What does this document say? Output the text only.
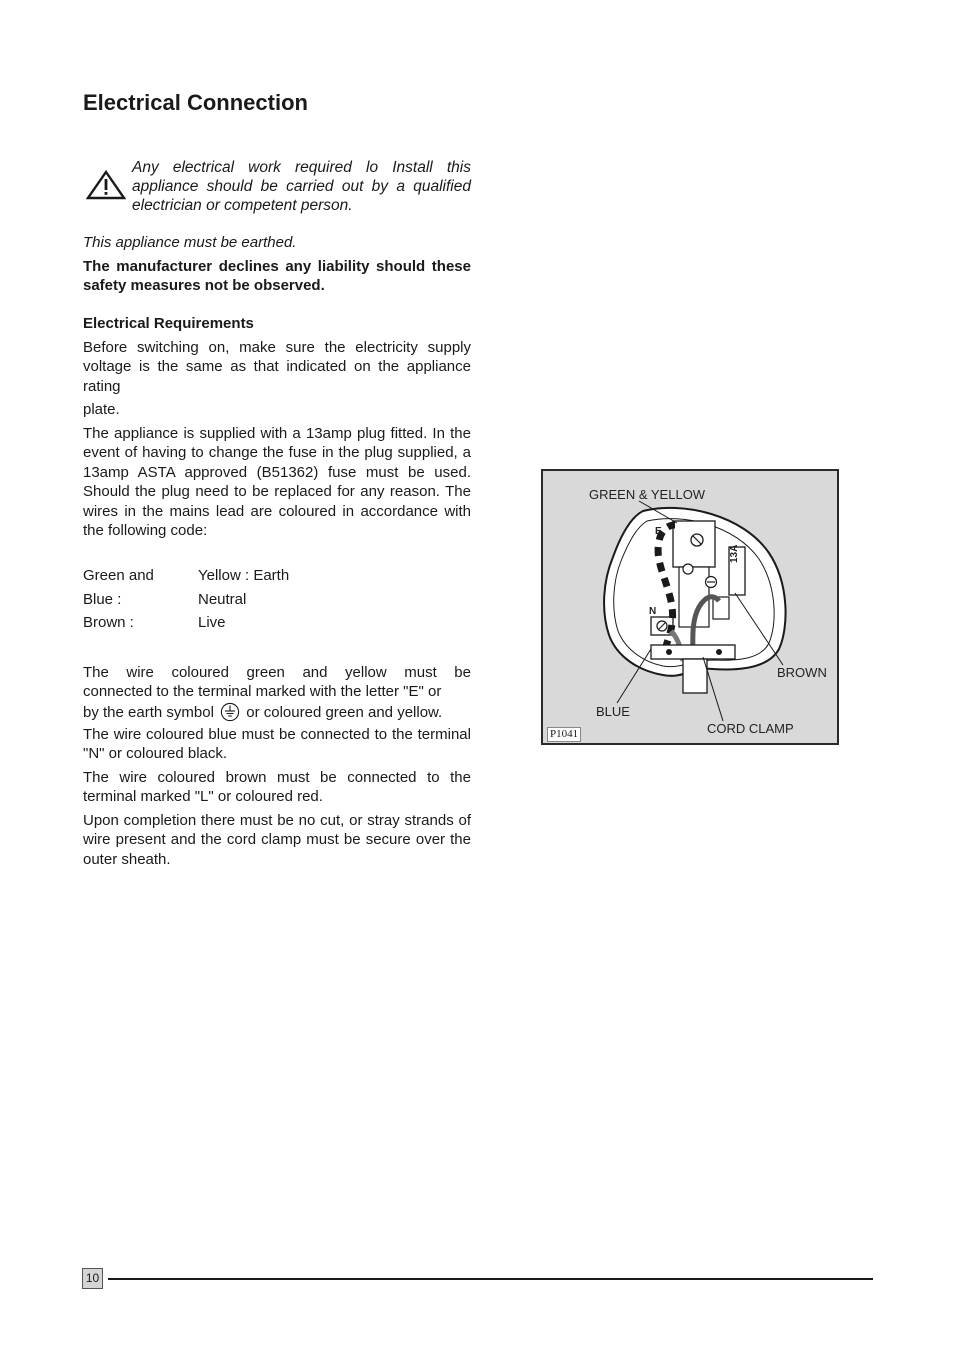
Electrical Connection
Any electrical work required lo Install this appliance should be carried out by a qualified electrician or competent person.
This appliance must be earthed.
The manufacturer declines any liability should these safety measures not be observed.
Electrical Requirements
Before switching on, make sure the electricity supply voltage is the same as that indicated on the appliance rating
plate.
The appliance is supplied with a 13amp plug fitted. In the event of having to change the fuse in the plug supplied, a 13amp ASTA approved (B51362) fuse must be used. Should the plug need to be replaced for any reason. The wires in the mains lead are coloured in accordance with the following code:
Green and	Yellow : Earth
Blue :	Neutral
Brown :	Live
The wire coloured green and yellow must be
connected to the terminal marked with the letter "E" or
by the earth symbol or coloured green and yellow.
The wire coloured blue must be connected to the terminal "N" or coloured black.
The wire coloured brown must be connected to the terminal marked "L" or coloured red.
Upon completion there must be no cut, or stray strands of wire present and the cord clamp must be secure over the outer sheath.
E
N
13A
GREEN & YELLOW
BROWN
BLUE
CORD CLAMP
P1041
10
